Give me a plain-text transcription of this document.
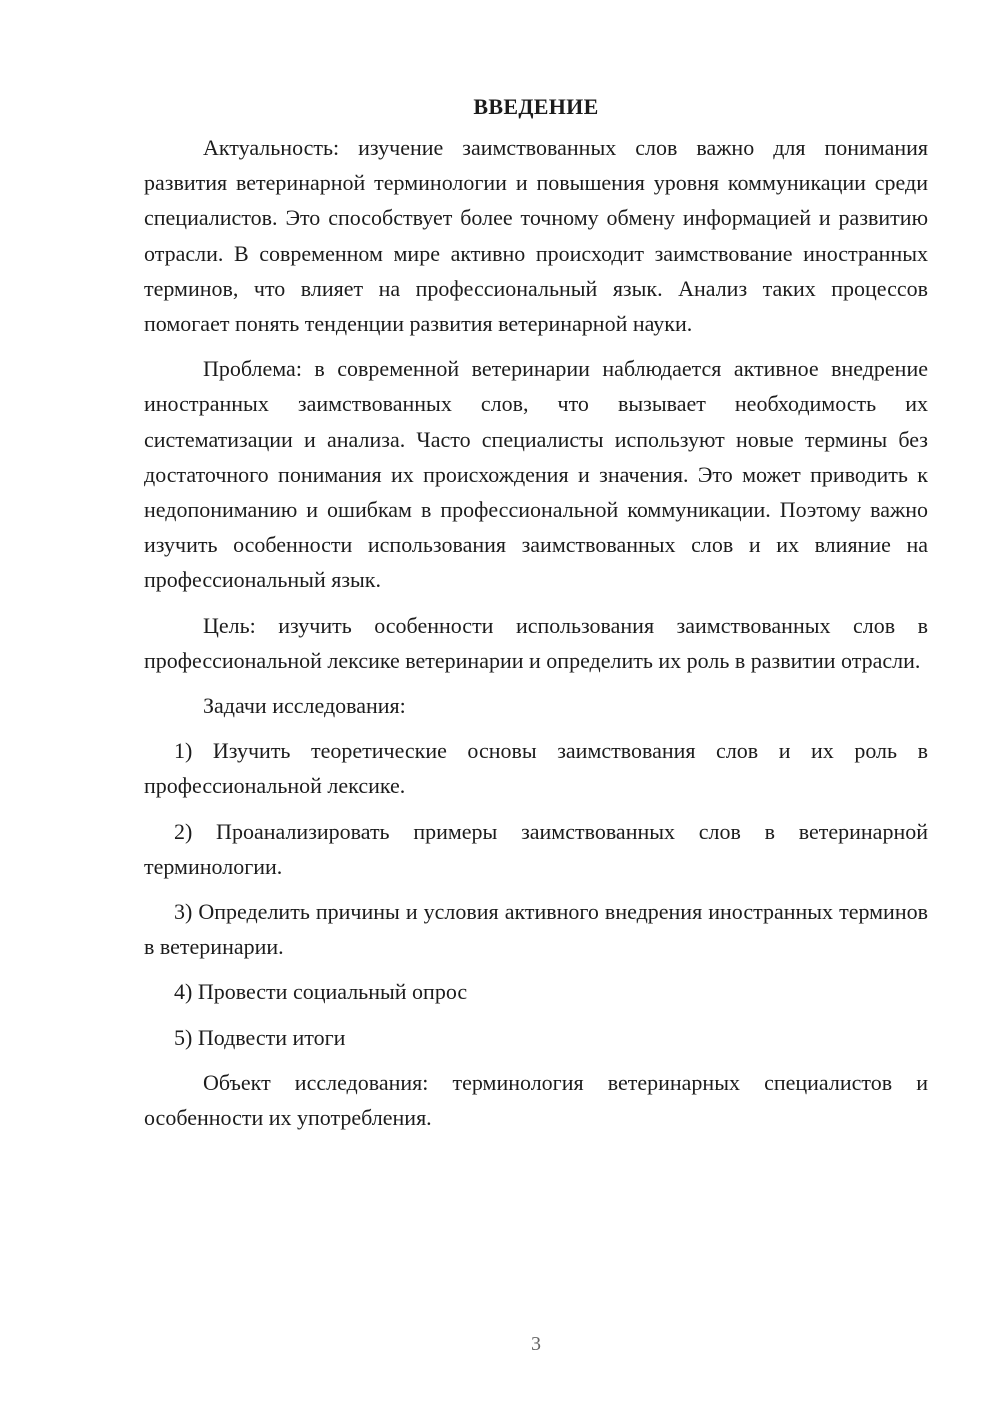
ВВЕДЕНИЕ

Актуальность: изучение заимствованных слов важно для понимания развития ветеринарной терминологии и повышения уровня коммуникации среди специалистов. Это способствует более точному обмену информацией и развитию отрасли. В современном мире активно происходит заимствование иностранных терминов, что влияет на профессиональный язык. Анализ таких процессов помогает понять тенденции развития ветеринарной науки.

Проблема: в современной ветеринарии наблюдается активное внедрение иностранных заимствованных слов, что вызывает необходимость их систематизации и анализа. Часто специалисты используют новые термины без достаточного понимания их происхождения и значения. Это может приводить к недопониманию и ошибкам в профессиональной коммуникации. Поэтому важно изучить особенности использования заимствованных слов и их влияние на профессиональный язык.

Цель: изучить особенности использования заимствованных слов в профессиональной лексике ветеринарии и определить их роль в развитии отрасли.

Задачи исследования:

1) Изучить теоретические основы заимствования слов и их роль в профессиональной лексике.

2) Проанализировать примеры заимствованных слов в ветеринарной терминологии.

3) Определить причины и условия активного внедрения иностранных терминов в ветеринарии.

4) Провести социальный опрос

5) Подвести итоги

Объект исследования: терминология ветеринарных специалистов и особенности их употребления.

3
